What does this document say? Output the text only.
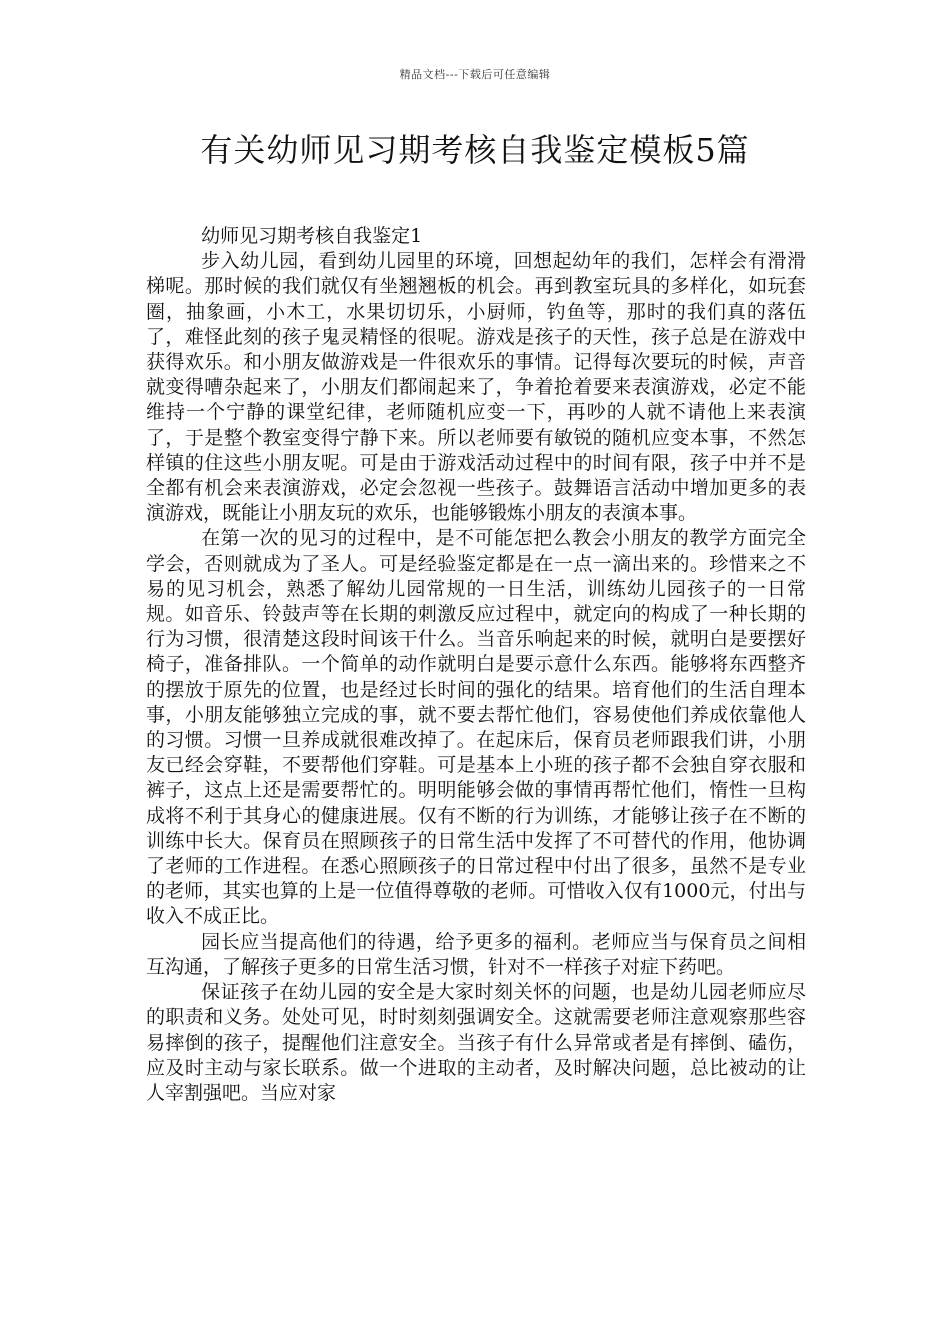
精品文档---下载后可任意编辑
有关幼师见习期考核自我鉴定模板5篇

幼师见习期考核自我鉴定1

步入幼儿园，看到幼儿园里的环境，回想起幼年的我们，怎样会有滑滑梯呢。那时候的我们就仅有坐翘翘板的机会。再到教室玩具的多样化，如玩套圈，抽象画，小木工，水果切切乐，小厨师，钓鱼等，那时的我们真的落伍了，难怪此刻的孩子鬼灵精怪的很呢。游戏是孩子的天性，孩子总是在游戏中获得欢乐。和小朋友做游戏是一件很欢乐的事情。记得每次要玩的时候，声音就变得嘈杂起来了，小朋友们都闹起来了，争着抢着要来表演游戏，必定不能维持一个宁静的课堂纪律，老师随机应变一下，再吵的人就不请他上来表演了，于是整个教室变得宁静下来。所以老师要有敏锐的随机应变本事，不然怎样镇的住这些小朋友呢。可是由于游戏活动过程中的时间有限，孩子中并不是全都有机会来表演游戏，必定会忽视一些孩子。鼓舞语言活动中增加更多的表演游戏，既能让小朋友玩的欢乐，也能够锻炼小朋友的表演本事。

在第一次的见习的过程中，是不可能怎把么教会小朋友的教学方面完全学会，否则就成为了圣人。可是经验鉴定都是在一点一滴出来的。珍惜来之不易的见习机会，熟悉了解幼儿园常规的一日生活，训练幼儿园孩子的一日常规。如音乐、铃鼓声等在长期的刺激反应过程中，就定向的构成了一种长期的行为习惯，很清楚这段时间该干什么。当音乐响起来的时候，就明白是要摆好椅子，准备排队。一个简单的动作就明白是要示意什么东西。能够将东西整齐的摆放于原先的位置，也是经过长时间的强化的结果。培育他们的生活自理本事，小朋友能够独立完成的事，就不要去帮忙他们，容易使他们养成依靠他人的习惯。习惯一旦养成就很难改掉了。在起床后，保育员老师跟我们讲，小朋友已经会穿鞋，不要帮他们穿鞋。可是基本上小班的孩子都不会独自穿衣服和裤子，这点上还是需要帮忙的。明明能够会做的事情再帮忙他们，惰性一旦构成将不利于其身心的健康进展。仅有不断的行为训练，才能够让孩子在不断的训练中长大。保育员在照顾孩子的日常生活中发挥了不可替代的作用，他协调了老师的工作进程。在悉心照顾孩子的日常过程中付出了很多，虽然不是专业的老师，其实也算的上是一位值得尊敬的老师。可惜收入仅有1000元，付出与收入不成正比。

园长应当提高他们的待遇，给予更多的福利。老师应当与保育员之间相互沟通，了解孩子更多的日常生活习惯，针对不一样孩子对症下药吧。

保证孩子在幼儿园的安全是大家时刻关怀的问题，也是幼儿园老师应尽的职责和义务。处处可见，时时刻刻强调安全。这就需要老师注意观察那些容易摔倒的孩子，提醒他们注意安全。当孩子有什么异常或者是有摔倒、磕伤，应及时主动与家长联系。做一个进取的主动者，及时解决问题，总比被动的让人宰割强吧。当应对家
